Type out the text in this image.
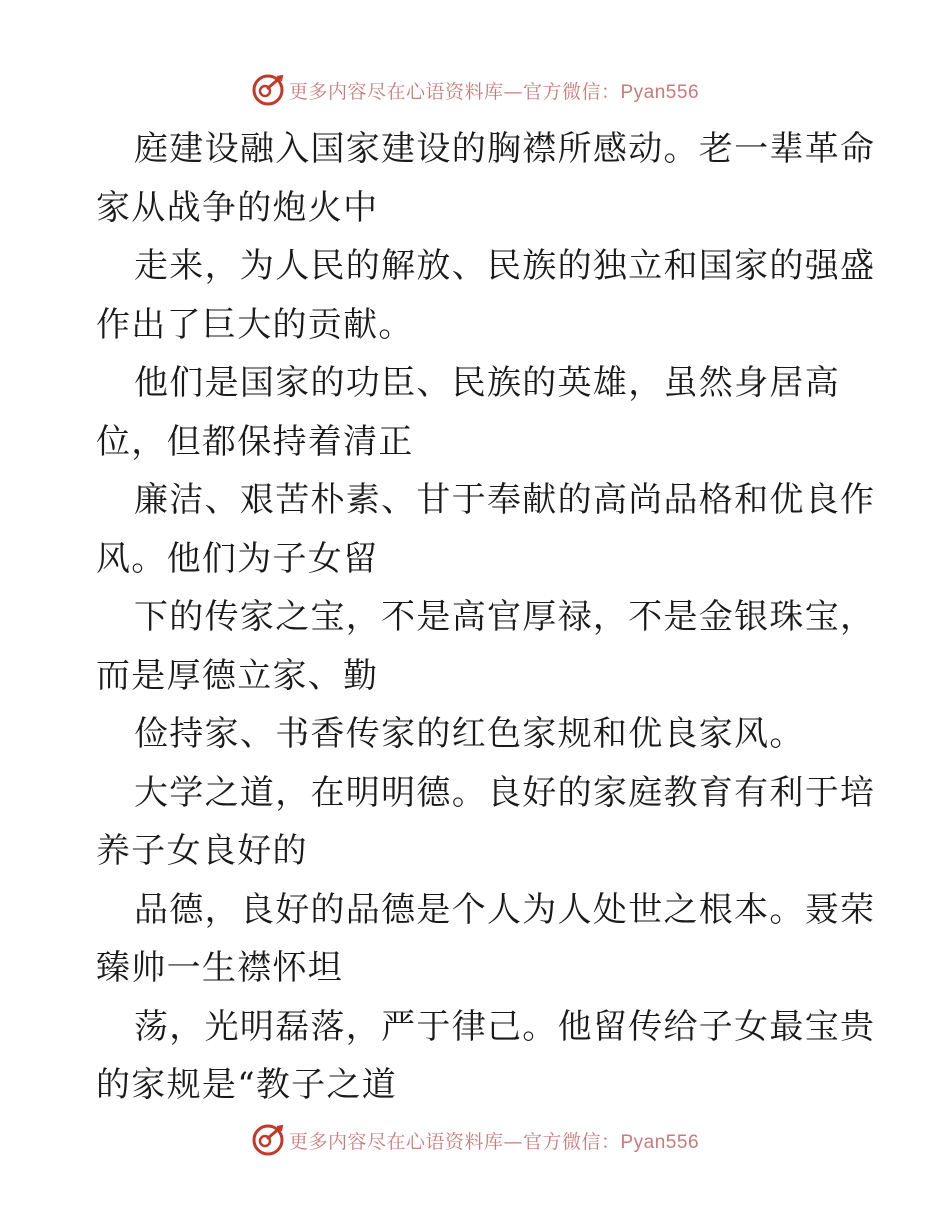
更多内容尽在心语资料库—官方微信：Pyan556
庭建设融入国家建设的胸襟所感动。老一辈革命
家从战争的炮火中
走来，为人民的解放、民族的独立和国家的强盛
作出了巨大的贡献。
他们是国家的功臣、民族的英雄，虽然身居高
位，但都保持着清正
廉洁、艰苦朴素、甘于奉献的高尚品格和优良作
风。他们为子女留
下的传家之宝，不是高官厚禄，不是金银珠宝，
而是厚德立家、勤
俭持家、书香传家的红色家规和优良家风。
大学之道，在明明德。良好的家庭教育有利于培
养子女良好的
品德，良好的品德是个人为人处世之根本。聂荣
臻帅一生襟怀坦
荡，光明磊落，严于律己。他留传给子女最宝贵
的家规是“教子之道
更多内容尽在心语资料库—官方微信：Pyan556
